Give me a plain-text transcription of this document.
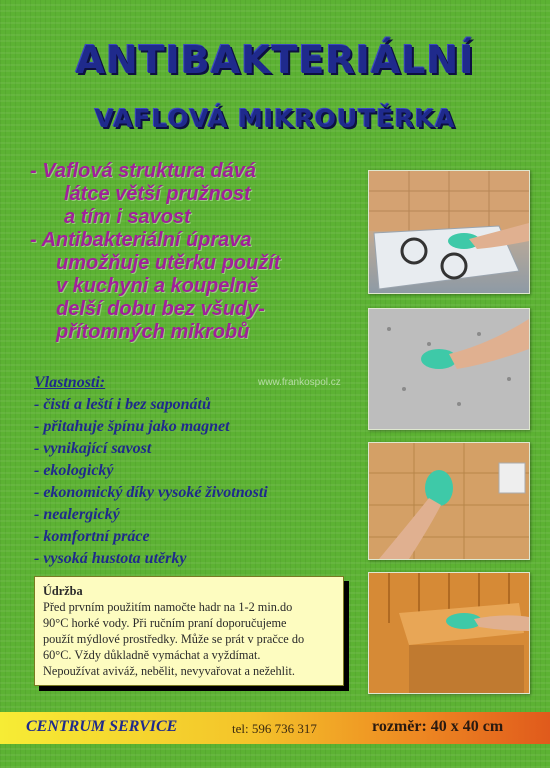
ANTIBAKTERIÁLNÍ
VAFLOVÁ MIKROUTĚRKA
- Vaflová struktura dává
látce větší pružnost
a tím i savost
- Antibakteriální úprava
umožňuje utěrku použít
v kuchyni a koupelně
delší dobu bez všudy-
přítomných mikrobů
www.frankospol.cz
Vlastnosti:
- čistí a leští i bez saponátů
- přitahuje špínu jako magnet
- vynikající savost
- ekologický
- ekonomický díky vysoké životnosti
- nealergický
- komfortní práce
- vysoká hustota utěrky
Údržba
Před prvním použitím namočte hadr na 1-2 min.do
90°C horké vody. Při ručním praní doporučujeme
použít mýdlové prostředky. Může se prát v pračce do
60°C. Vždy důkladně vymáchat a vyždímat.
Nepoužívat aviváž, nebělit, nevyvařovat a nežehlit.
CENTRUM SERVICE	tel: 596 736 317	rozměr: 40 x 40 cm
